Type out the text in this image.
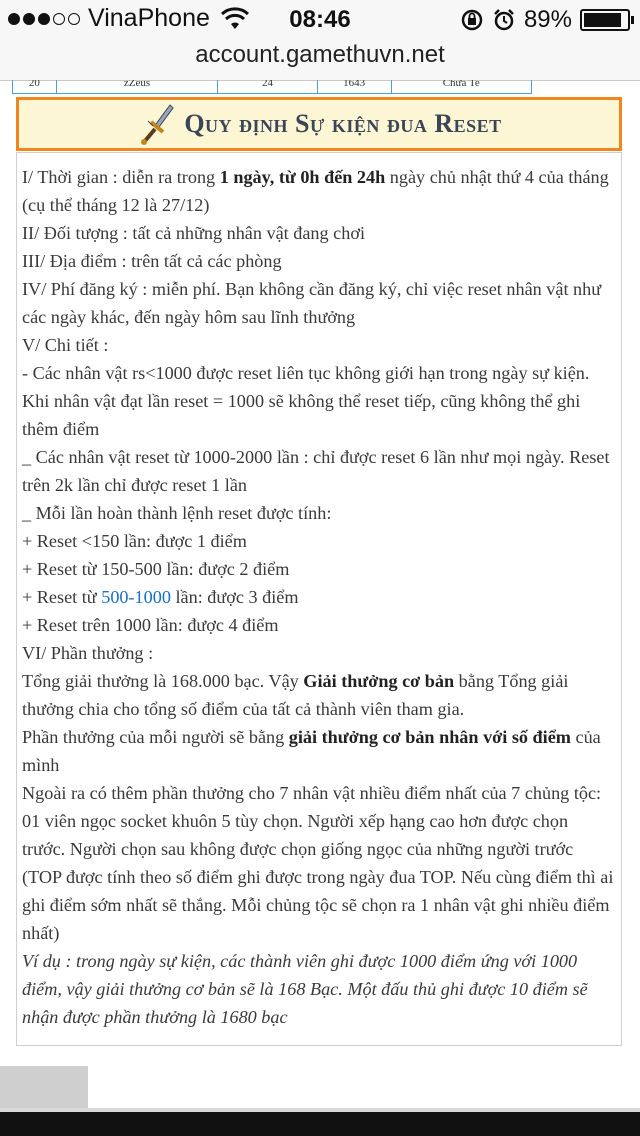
VinaPhone	08:46	89%
account.gamethuvn.net
20	zZeus	24	1643	Chưa Te
Quy định Sự kiện đua Reset

I/ Thời gian : diễn ra trong 1 ngày, từ 0h đến 24h ngày chủ nhật thứ 4 của tháng (cụ thể tháng 12 là 27/12)

II/ Đối tượng : tất cả những nhân vật đang chơi

III/ Địa điểm : trên tất cả các phòng

IV/ Phí đăng ký : miễn phí. Bạn không cần đăng ký, chỉ việc reset nhân vật như các ngày khác, đến ngày hôm sau lĩnh thưởng

V/ Chi tiết :

- Các nhân vật rs<1000 được reset liên tục không giới hạn trong ngày sự kiện. Khi nhân vật đạt lần reset = 1000 sẽ không thể reset tiếp, cũng không thể ghi thêm điểm

_ Các nhân vật reset từ 1000-2000 lần : chỉ được reset 6 lần như mọi ngày. Reset trên 2k lần chỉ được reset 1 lần

_ Mỗi lần hoàn thành lệnh reset được tính:

+ Reset <150 lần: được 1 điểm

+ Reset từ 150-500 lần: được 2 điểm

+ Reset từ 500-1000 lần: được 3 điểm

+ Reset trên 1000 lần: được 4 điểm

VI/ Phần thưởng :

Tổng giải thưởng là 168.000 bạc. Vậy Giải thưởng cơ bản bằng Tổng giải thưởng chia cho tổng số điểm của tất cả thành viên tham gia.

Phần thưởng của mỗi người sẽ bằng giải thưởng cơ bản nhân với số điểm của mình

Ngoài ra có thêm phần thưởng cho 7 nhân vật nhiều điểm nhất của 7 chủng tộc: 01 viên ngọc socket khuôn 5 tùy chọn. Người xếp hạng cao hơn được chọn trước. Người chọn sau không được chọn giống ngọc của những người trước (TOP được tính theo số điểm ghi được trong ngày đua TOP. Nếu cùng điểm thì ai ghi điểm sớm nhất sẽ thắng. Mỗi chủng tộc sẽ chọn ra 1 nhân vật ghi nhiều điểm nhất)

Ví dụ : trong ngày sự kiện, các thành viên ghi được 1000 điểm ứng với 1000 điểm, vậy giải thưởng cơ bản sẽ là 168 Bạc. Một đấu thủ ghi được 10 điểm sẽ nhận được phần thưởng là 1680 bạc
